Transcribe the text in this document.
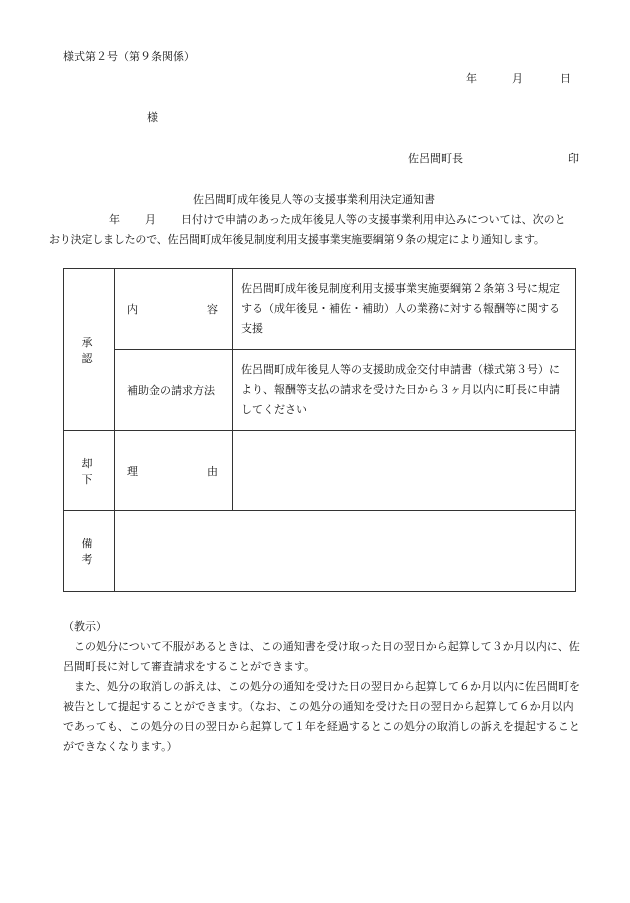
様式第２号（第９条関係）
年	月	日
様
佐呂間町長	印
佐呂間町成年後見人等の支援事業利用決定通知書
年 月 日付けで申請のあった成年後見人等の支援事業利用申込みについては、次のと
おり決定しましたので、佐呂間町成年後見制度利用支援事業実施要綱第９条の規定により通知します。
承　認	内 容	佐呂間町成年後見制度利用支援事業実施要綱第２条第３号に規定する（成年後見・補佐・補助）人の業務に対する報酬等に関する支援
	補助金の請求方法	佐呂間町成年後見人等の支援助成金交付申請書（様式第３号）により、報酬等支払の請求を受けた日から３ヶ月以内に町長に申請してください
却　下	理 由	

備　考		

（教示）

この処分について不服があるときは、この通知書を受け取った日の翌日から起算して３か月以内に、佐呂間町長に対して審査請求をすることができます。

また、処分の取消しの訴えは、この処分の通知を受けた日の翌日から起算して６か月以内に佐呂間町を被告として提起することができます。（なお、この処分の通知を受けた日の翌日から起算して６か月以内であっても、この処分の日の翌日から起算して１年を経過するとこの処分の取消しの訴えを提起することができなくなります。）
